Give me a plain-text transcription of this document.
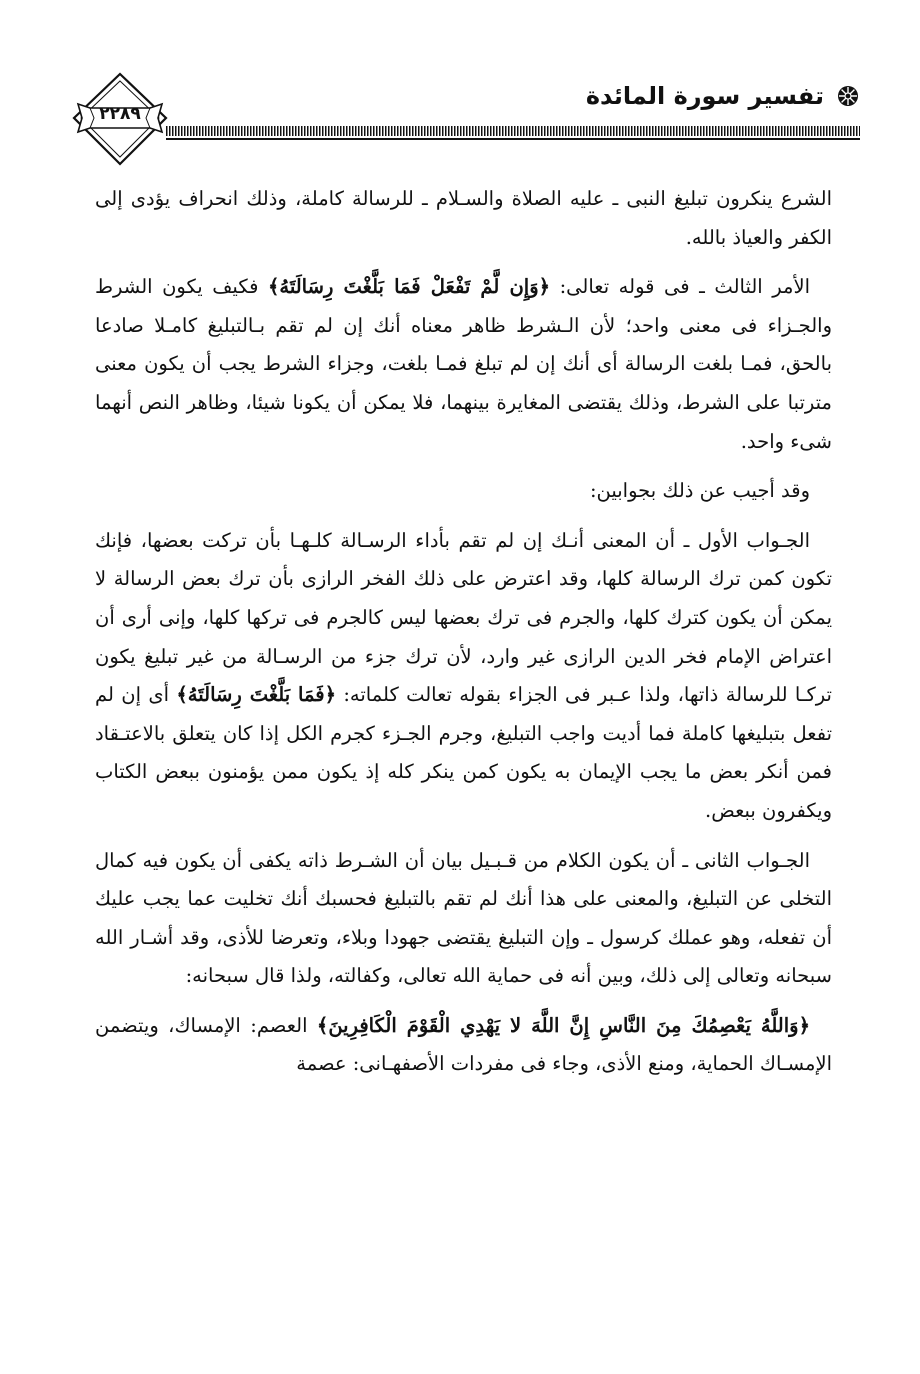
تفسير سورة المائدة
٢٢٨٩

الشرع ينكرون تبليغ النبى ـ عليه الصلاة والسـلام ـ للرسالة كاملة، وذلك انحراف يؤدى إلى الكفر والعياذ بالله.

الأمر الثالث ـ فى قوله تعالى: ﴿وَإِن لَّمْ تَفْعَلْ فَمَا بَلَّغْتَ رِسَالَتَهُ﴾ فكيف يكون الشرط والجـزاء فى معنى واحد؛ لأن الـشرط ظاهر معناه أنك إن لم تقم بـالتبليغ كامـلا صادعا بالحق، فمـا بلغت الرسالة أى أنك إن لم تبلغ فمـا بلغت، وجزاء الشرط يجب أن يكون معنى مترتبا على الشرط، وذلك يقتضى المغايرة بينهما، فلا يمكن أن يكونا شيئا، وظاهر النص أنهما شىء واحد.

وقد أجيب عن ذلك بجوابين:

الجـواب الأول ـ أن المعنى أنـك إن لم تقم بأداء الرسـالة كلـهـا بأن تركت بعضها، فإنك تكون كمن ترك الرسالة كلها، وقد اعترض على ذلك الفخر الرازى بأن ترك بعض الرسالة لا يمكن أن يكون كترك كلها، والجرم فى ترك بعضها ليس كالجرم فى تركها كلها، وإنى أرى أن اعتراض الإمام فخر الدين الرازى غير وارد، لأن ترك جزء من الرسـالة من غير تبليغ يكون تركـا للرسالة ذاتها، ولذا عـبر فى الجزاء بقوله تعالت كلماته: ﴿فَمَا بَلَّغْتَ رِسَالَتَهُ﴾ أى إن لم تفعل بتبليغها كاملة فما أديت واجب التبليغ، وجرم الجـزء كجرم الكل إذا كان يتعلق بالاعتـقاد فمن أنكر بعض ما يجب الإيمان به يكون كمن ينكر كله إذ يكون ممن يؤمنون ببعض الكتاب ويكفرون ببعض.

الجـواب الثانى ـ أن يكون الكلام من قـبـيل بيان أن الشـرط ذاته يكفى أن يكون فيه كمال التخلى عن التبليغ، والمعنى على هذا أنك لم تقم بالتبليغ فحسبك أنك تخليت عما يجب عليك أن تفعله، وهو عملك كرسول ـ وإن التبليغ يقتضى جهودا وبلاء، وتعرضا للأذى، وقد أشـار الله سبحانه وتعالى إلى ذلك، وبين أنه فى حماية الله تعالى، وكفالته، ولذا قال سبحانه:

﴿وَاللَّهُ يَعْصِمُكَ مِنَ النَّاسِ إِنَّ اللَّهَ لا يَهْدِي الْقَوْمَ الْكَافِرِينَ﴾ العصم: الإمساك، ويتضمن الإمسـاك الحماية، ومنع الأذى، وجاء فى مفردات الأصفهـانى: عصمة
